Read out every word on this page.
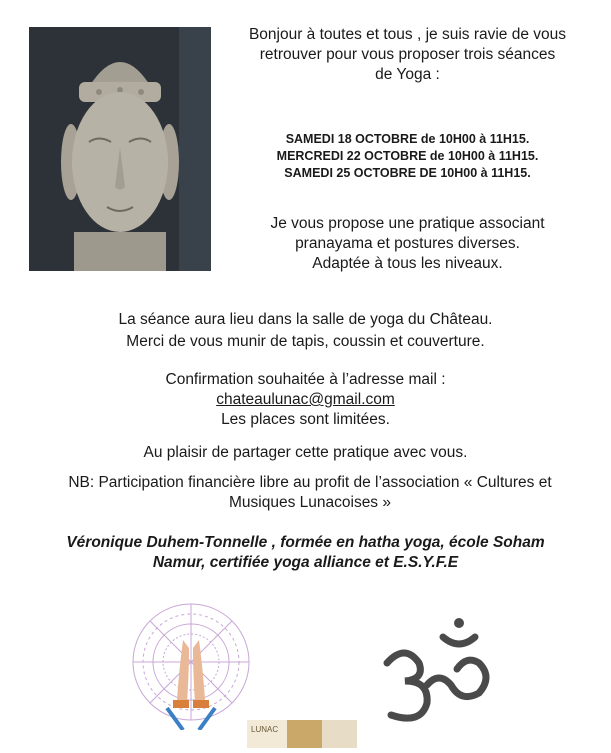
Bonjour à toutes et tous , je suis ravie de vous
retrouver pour vous proposer trois séances
de Yoga :
SAMEDI 18 OCTOBRE de 10H00 à 11H15.
MERCREDI 22 OCTOBRE de 10H00 à 11H15.
SAMEDI 25 OCTOBRE DE 10H00 à 11H15.
Je vous propose une pratique associant
pranayama et postures diverses.
Adaptée à tous les niveaux.
La séance aura lieu dans la salle de yoga du Château.
Merci de vous munir de tapis, coussin et couverture.
Confirmation souhaitée à l’adresse mail :
chateaulunac@gmail.com
Les places sont limitées.
Au plaisir de partager cette pratique avec vous.
NB: Participation financière libre au profit de l’association « Cultures et
Musiques Lunacoises »
Véronique Duhem-Tonnelle , formée en hatha yoga, école Soham
Namur, certifiée yoga alliance et E.S.Y.F.E
LUNAC
